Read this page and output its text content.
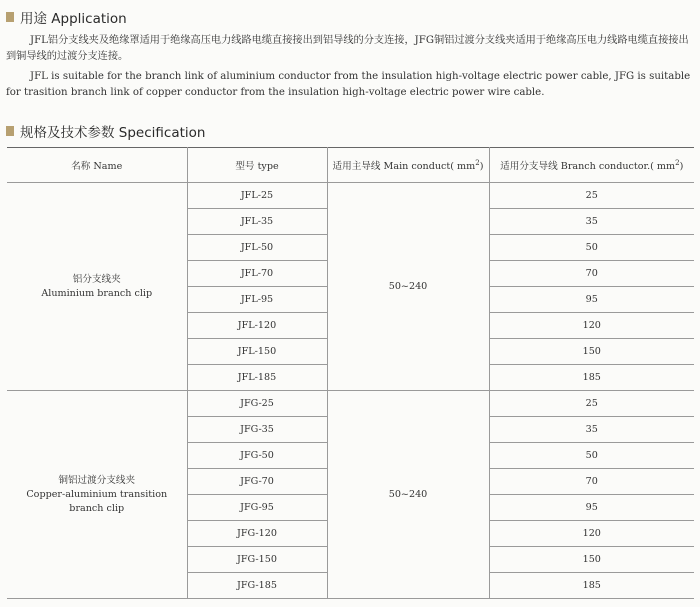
用途 Application
JFL铝分支线夹及绝缘罩适用于绝缘高压电力线路电缆直接接出到铝导线的分支连接，JFG铜铝过渡分支线夹适用于绝缘高压电力线路电缆直接接出到铜导线的过渡分支连接。
JFL is suitable for the branch link of aluminium conductor from the insulation high-voltage electric power cable, JFG is suitable for trasition branch link of copper conductor from the insulation high-voltage electric power wire cable.
规格及技术参数 Specification
名称 Name	型号 type	适用主导线 Main conduct( $mm^2$)	适用分支导线 Branch conductor.( $mm^2$)

铝分支线夹
Aluminium branch clip	JFL-25	50~240	25
	JFL-35		35
	JFL-50		50
	JFL-70		70
	JFL-95		95
	JFL-120		120
	JFL-150		150
	JFL-185		185

铜铝过渡分支线夹
Copper-aluminium transition
branch clip	JFG-25	50~240	25
	JFG-35		35
	JFG-50		50
	JFG-70		70
	JFG-95		95
	JFG-120		120
	JFG-150		150
	JFG-185		185
